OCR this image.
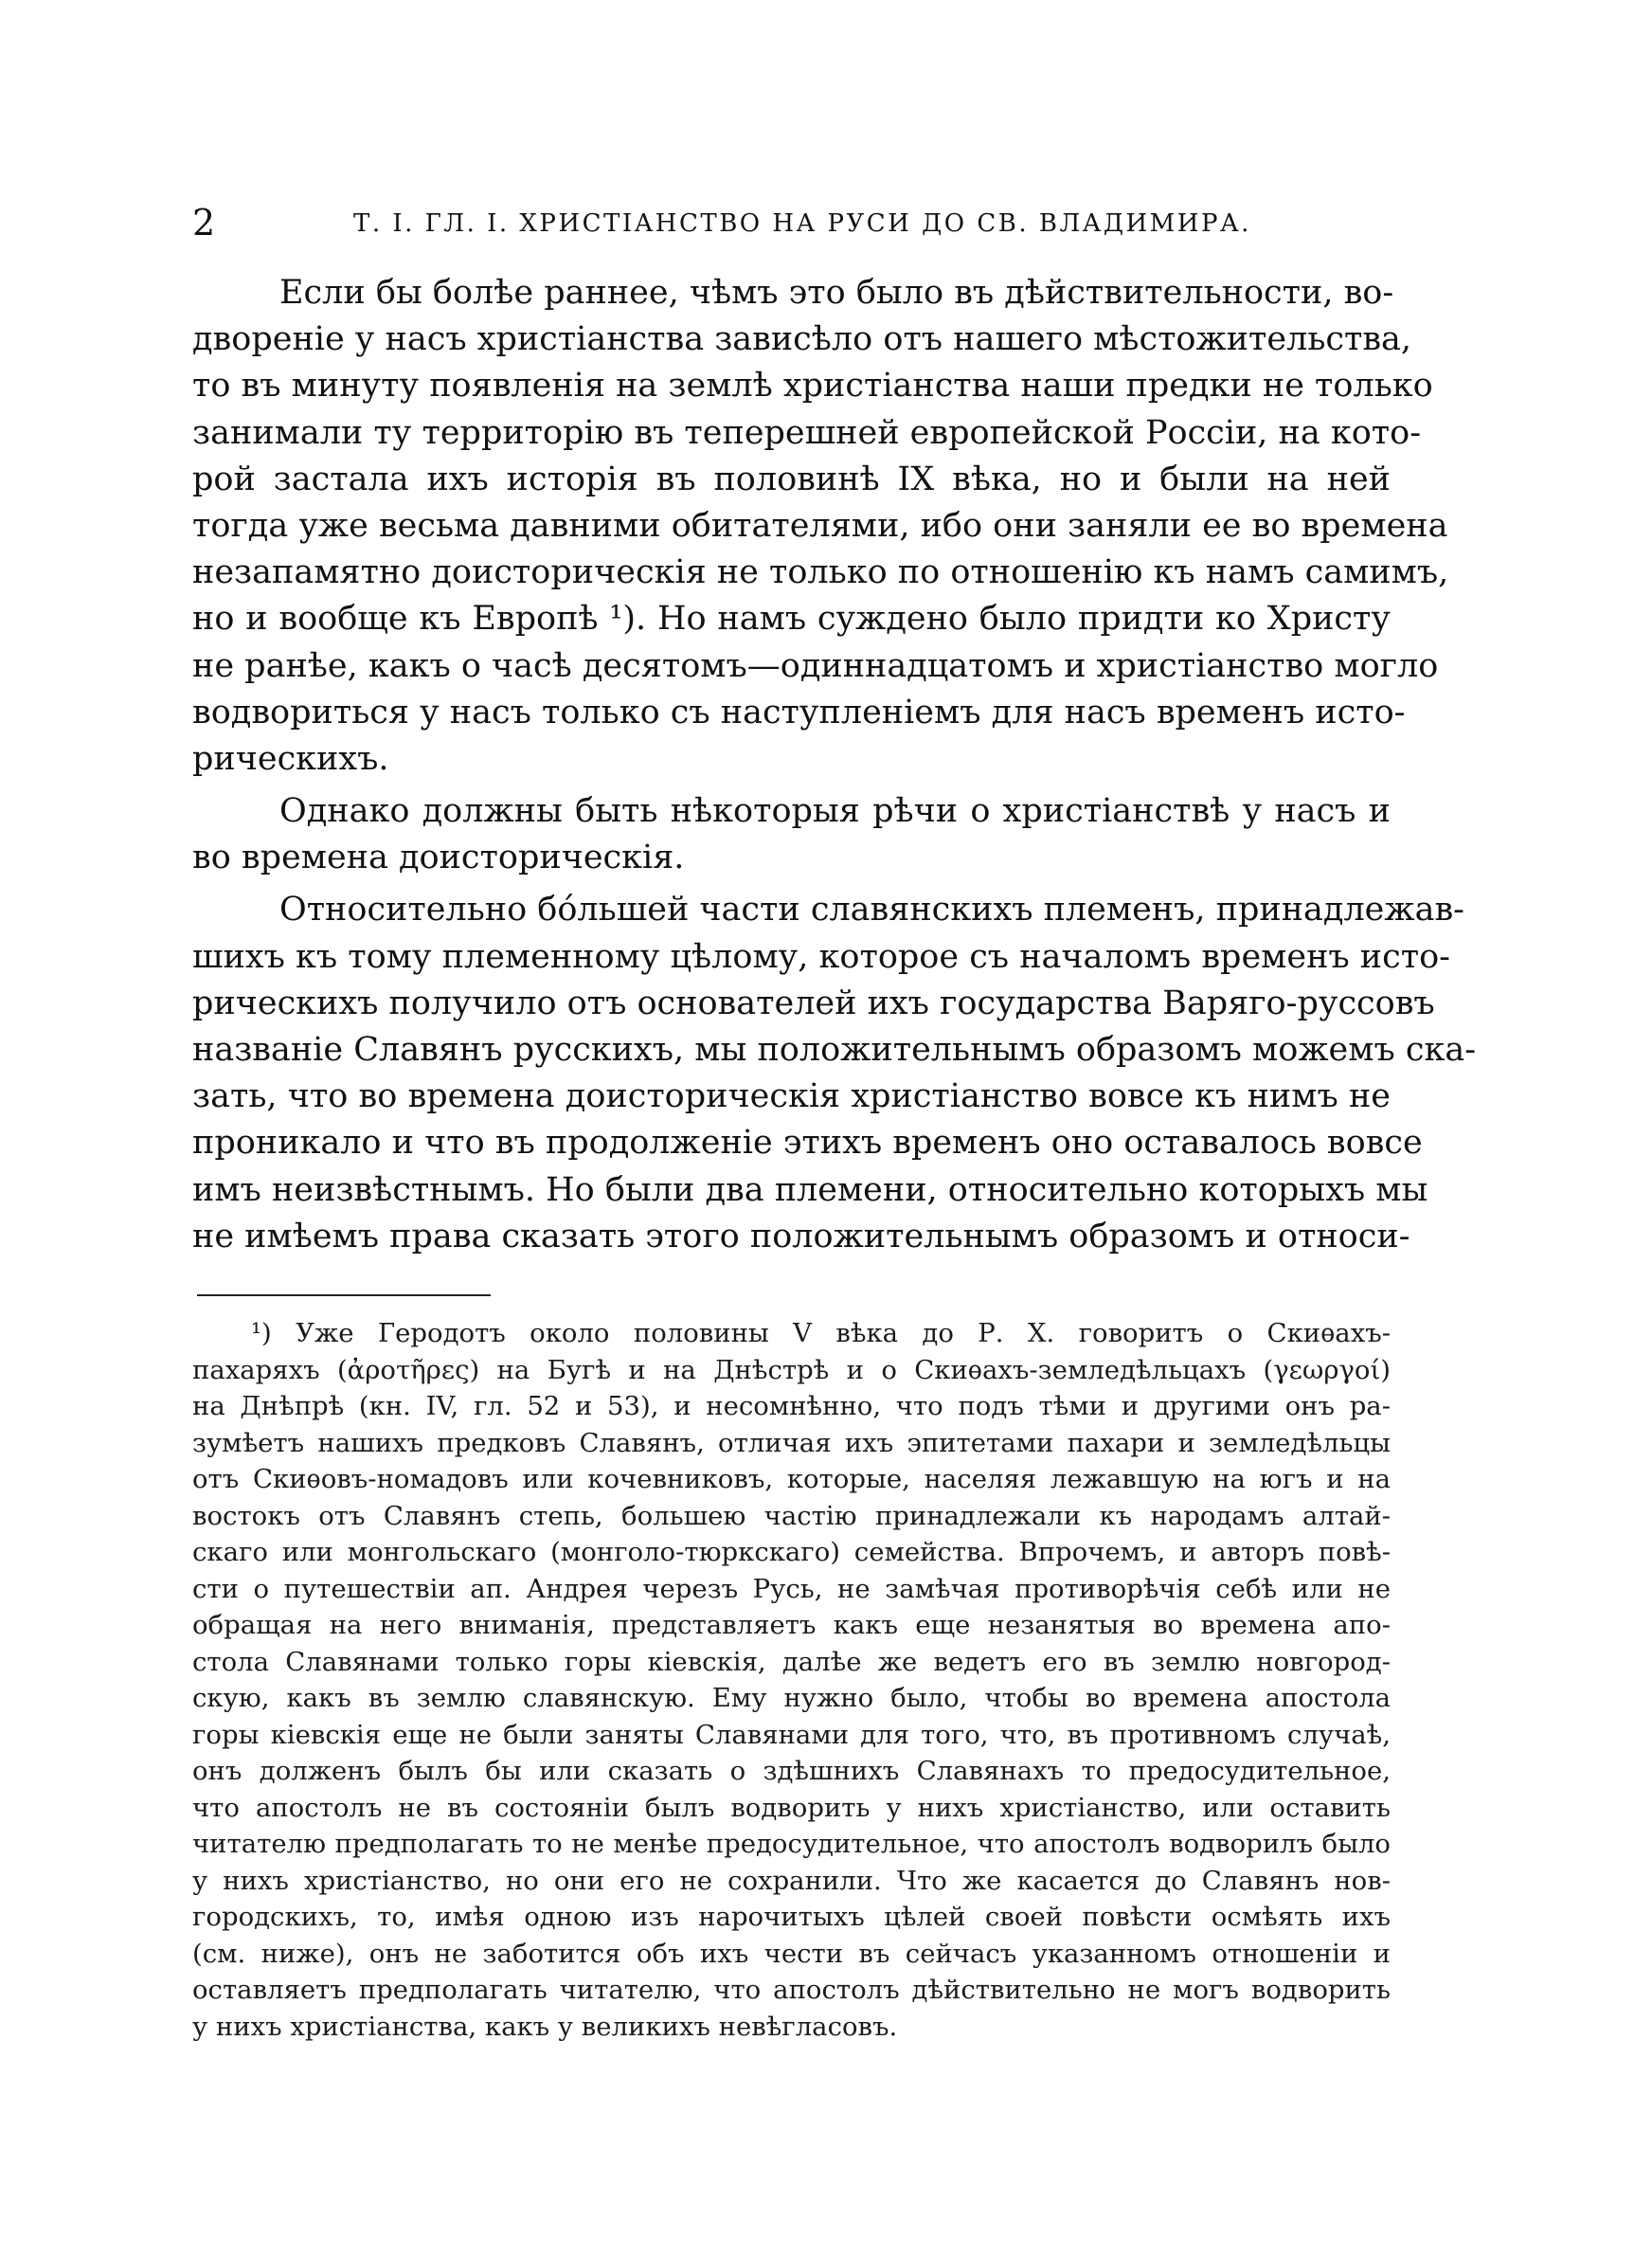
2	Т. I. ГЛ. I. ХРИСТIАНСТВО НА РУСИ ДО СВ. ВЛАДИМИРА.
Если бы болѣе раннее, чѣмъ это было въ дѣйствительности, во-
двореніе у насъ христіанства зависѣло отъ нашего мѣстожительства,
то въ минуту появленія на землѣ христіанства наши предки не только
занимали ту территорію въ теперешней европейской Россіи, на кото-
рой застала ихъ исторія въ половинѣ IX вѣка, но и были на ней
тогда уже весьма давними обитателями, ибо они заняли ее во времена
незапамятно доисторическія не только по отношенію къ намъ самимъ,
но и вообще къ Европѣ ¹). Но намъ суждено было придти ко Христу
не ранѣе, какъ о часѣ десятомъ—одиннадцатомъ и христіанство могло
водвориться у насъ только съ наступленіемъ для насъ временъ исто-
рическихъ.
Однако должны быть нѣкоторыя рѣчи о христіанствѣ у насъ и
во времена доисторическія.
Относительно бóльшей части славянскихъ племенъ, принадлежав-
шихъ къ тому племенному цѣлому, которое съ началомъ временъ исто-
рическихъ получило отъ основателей ихъ государства Варяго-руссовъ
названіе Славянъ русскихъ, мы положительнымъ образомъ можемъ ска-
зать, что во времена доисторическія христіанство вовсе къ нимъ не
проникало и что въ продолженіе этихъ временъ оно оставалось вовсе
имъ неизвѣстнымъ. Но были два племени, относительно которыхъ мы
не имѣемъ права сказать этого положительнымъ образомъ и относи-
¹) Уже Геродотъ около половины V вѣка до Р. Х. говоритъ о Скиѳахъ-
пахаряхъ (ἀροτῆρες) на Бугѣ и на Днѣстрѣ и о Скиѳахъ-земледѣльцахъ (γεωργοί)
на Днѣпрѣ (кн. IV, гл. 52 и 53), и несомнѣнно, что подъ тѣми и другими онъ ра-
зумѣетъ нашихъ предковъ Славянъ, отличая ихъ эпитетами пахари и земледѣльцы
отъ Скиѳовъ-номадовъ или кочевниковъ, которые, населяя лежавшую на югъ и на
востокъ отъ Славянъ степь, большею частію принадлежали къ народамъ алтай-
скаго или монгольскаго (монголо-тюркскаго) семейства. Впрочемъ, и авторъ повѣ-
сти о путешествіи ап. Андрея черезъ Русь, не замѣчая противорѣчія себѣ или не
обращая на него вниманія, представляетъ какъ еще незанятыя во времена апо-
стола Славянами только горы кіевскія, далѣе же ведетъ его въ землю новгород-
скую, какъ въ землю славянскую. Ему нужно было, чтобы во времена апостола
горы кіевскія еще не были заняты Славянами для того, что, въ противномъ случаѣ,
онъ долженъ былъ бы или сказать о здѣшнихъ Славянахъ то предосудительное,
что апостолъ не въ состояніи былъ водворить у нихъ христіанство, или оставить
читателю предполагать то не менѣе предосудительное, что апостолъ водворилъ было
у нихъ христіанство, но они его не сохранили. Что же касается до Славянъ нов-
городскихъ, то, имѣя одною изъ нарочитыхъ цѣлей своей повѣсти осмѣять ихъ
(см. ниже), онъ не заботится объ ихъ чести въ сейчасъ указанномъ отношеніи и
оставляетъ предполагать читателю, что апостолъ дѣйствительно не могъ водворить
у нихъ христіанства, какъ у великихъ невѣгласовъ.
